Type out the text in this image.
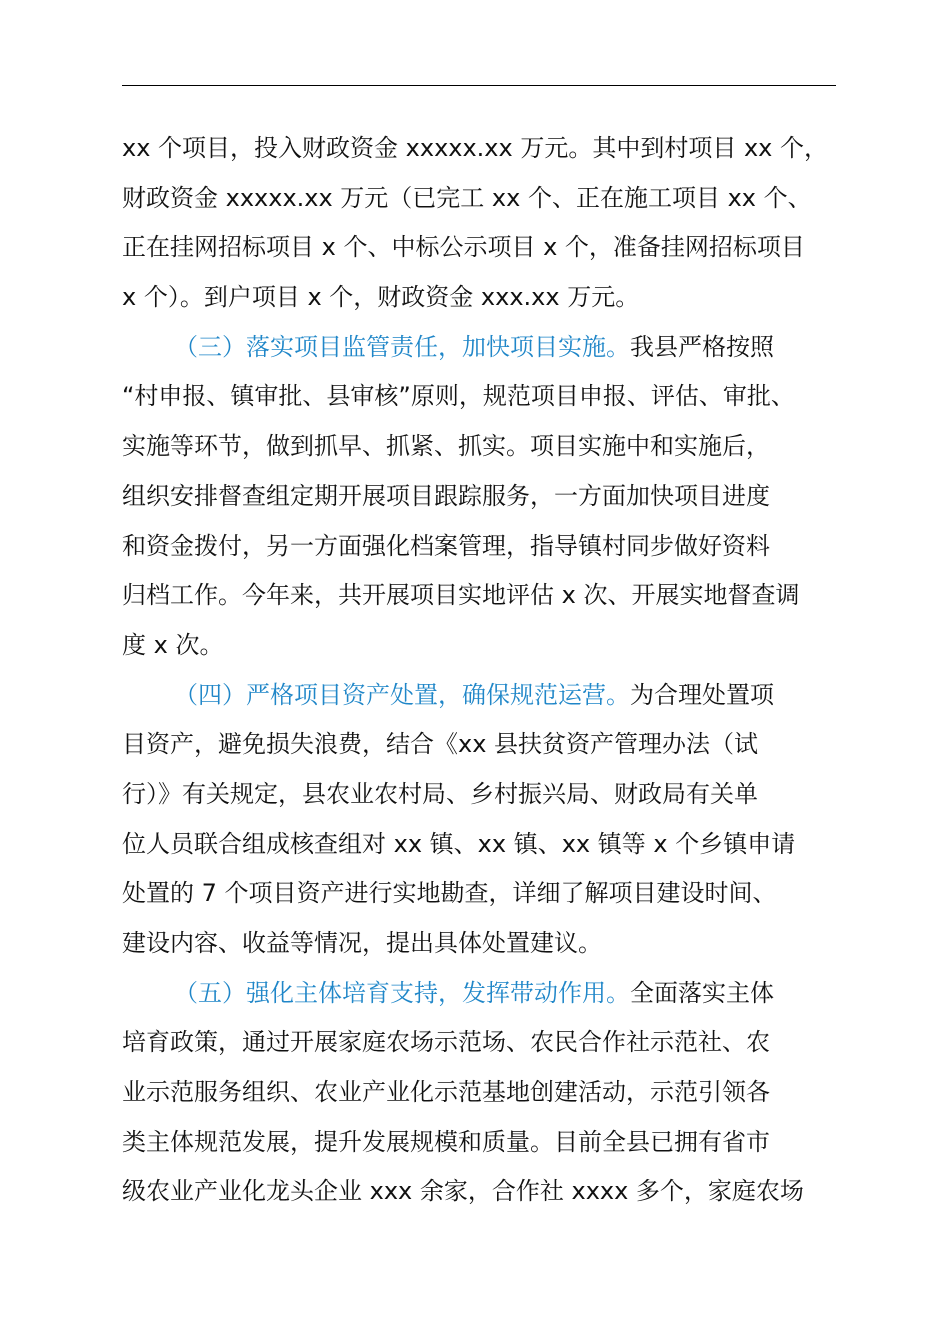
xx 个项目，投入财政资金 xxxxx.xx 万元。其中到村项目 xx 个，
财政资金 xxxxx.xx 万元（已完工 xx 个、正在施工项目 xx 个、
正在挂网招标项目 x 个、中标公示项目 x 个，准备挂网招标项目
x 个）。到户项目 x 个，财政资金 xxx.xx 万元。
（三）落实项目监管责任，加快项目实施。我县严格按照
“村申报、镇审批、县审核”原则，规范项目申报、评估、审批、
实施等环节，做到抓早、抓紧、抓实。项目实施中和实施后，
组织安排督查组定期开展项目跟踪服务，一方面加快项目进度
和资金拨付，另一方面强化档案管理，指导镇村同步做好资料
归档工作。今年来，共开展项目实地评估 x 次、开展实地督查调
度 x 次。
（四）严格项目资产处置，确保规范运营。为合理处置项
目资产，避免损失浪费，结合《xx 县扶贫资产管理办法（试
行）》有关规定，县农业农村局、乡村振兴局、财政局有关单
位人员联合组成核查组对 xx 镇、xx 镇、xx 镇等 x 个乡镇申请
处置的 7 个项目资产进行实地勘查，详细了解项目建设时间、
建设内容、收益等情况，提出具体处置建议。
（五）强化主体培育支持，发挥带动作用。全面落实主体
培育政策，通过开展家庭农场示范场、农民合作社示范社、农
业示范服务组织、农业产业化示范基地创建活动，示范引领各
类主体规范发展，提升发展规模和质量。目前全县已拥有省市
级农业产业化龙头企业 xxx 余家，合作社 xxxx 多个，家庭农场
